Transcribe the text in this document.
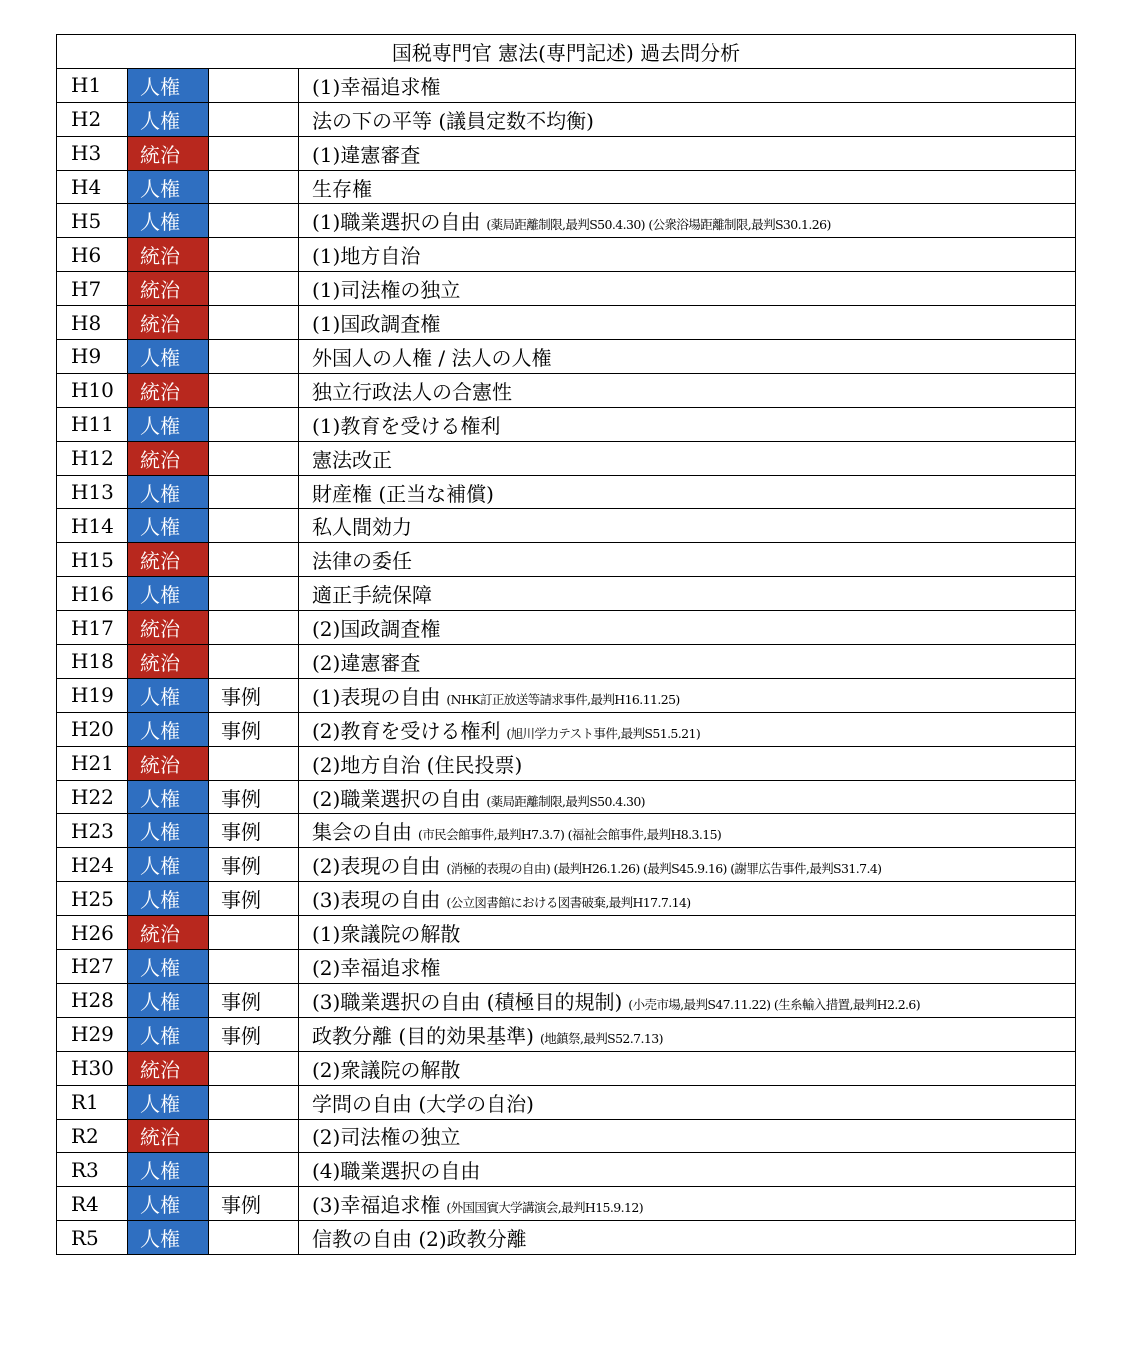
国税専門官 憲法(専門記述) 過去問分析			
H1	人権		(1)幸福追求権
H2	人権		法の下の平等 (議員定数不均衡)
H3	統治		(1)違憲審査
H4	人権		生存権
H5	人権		(1)職業選択の自由 (薬局距離制限,最判S50.4.30) (公衆浴場距離制限,最判S30.1.26)
H6	統治		(1)地方自治
H7	統治		(1)司法権の独立
H8	統治		(1)国政調査権
H9	人権		外国人の人権 / 法人の人権
H10	統治		独立行政法人の合憲性
H11	人権		(1)教育を受ける権利
H12	統治		憲法改正
H13	人権		財産権 (正当な補償)
H14	人権		私人間効力
H15	統治		法律の委任
H16	人権		適正手続保障
H17	統治		(2)国政調査権
H18	統治		(2)違憲審査
H19	人権	事例	(1)表現の自由 (NHK訂正放送等請求事件,最判H16.11.25)
H20	人権	事例	(2)教育を受ける権利 (旭川学力テスト事件,最判S51.5.21)
H21	統治		(2)地方自治 (住民投票)
H22	人権	事例	(2)職業選択の自由 (薬局距離制限,最判S50.4.30)
H23	人権	事例	集会の自由 (市民会館事件,最判H7.3.7) (福祉会館事件,最判H8.3.15)
H24	人権	事例	(2)表現の自由 (消極的表現の自由) (最判H26.1.26) (最判S45.9.16) (謝罪広告事件,最判S31.7.4)
H25	人権	事例	(3)表現の自由 (公立図書館における図書破棄,最判H17.7.14)
H26	統治		(1)衆議院の解散
H27	人権		(2)幸福追求権
H28	人権	事例	(3)職業選択の自由 (積極目的規制) (小売市場,最判S47.11.22) (生糸輸入措置,最判H2.2.6)
H29	人権	事例	政教分離 (目的効果基準) (地鎮祭,最判S52.7.13)
H30	統治		(2)衆議院の解散
R1	人権		学問の自由 (大学の自治)
R2	統治		(2)司法権の独立
R3	人権		(4)職業選択の自由
R4	人権	事例	(3)幸福追求権 (外国国賓大学講演会,最判H15.9.12)
R5	人権		信教の自由 (2)政教分離
